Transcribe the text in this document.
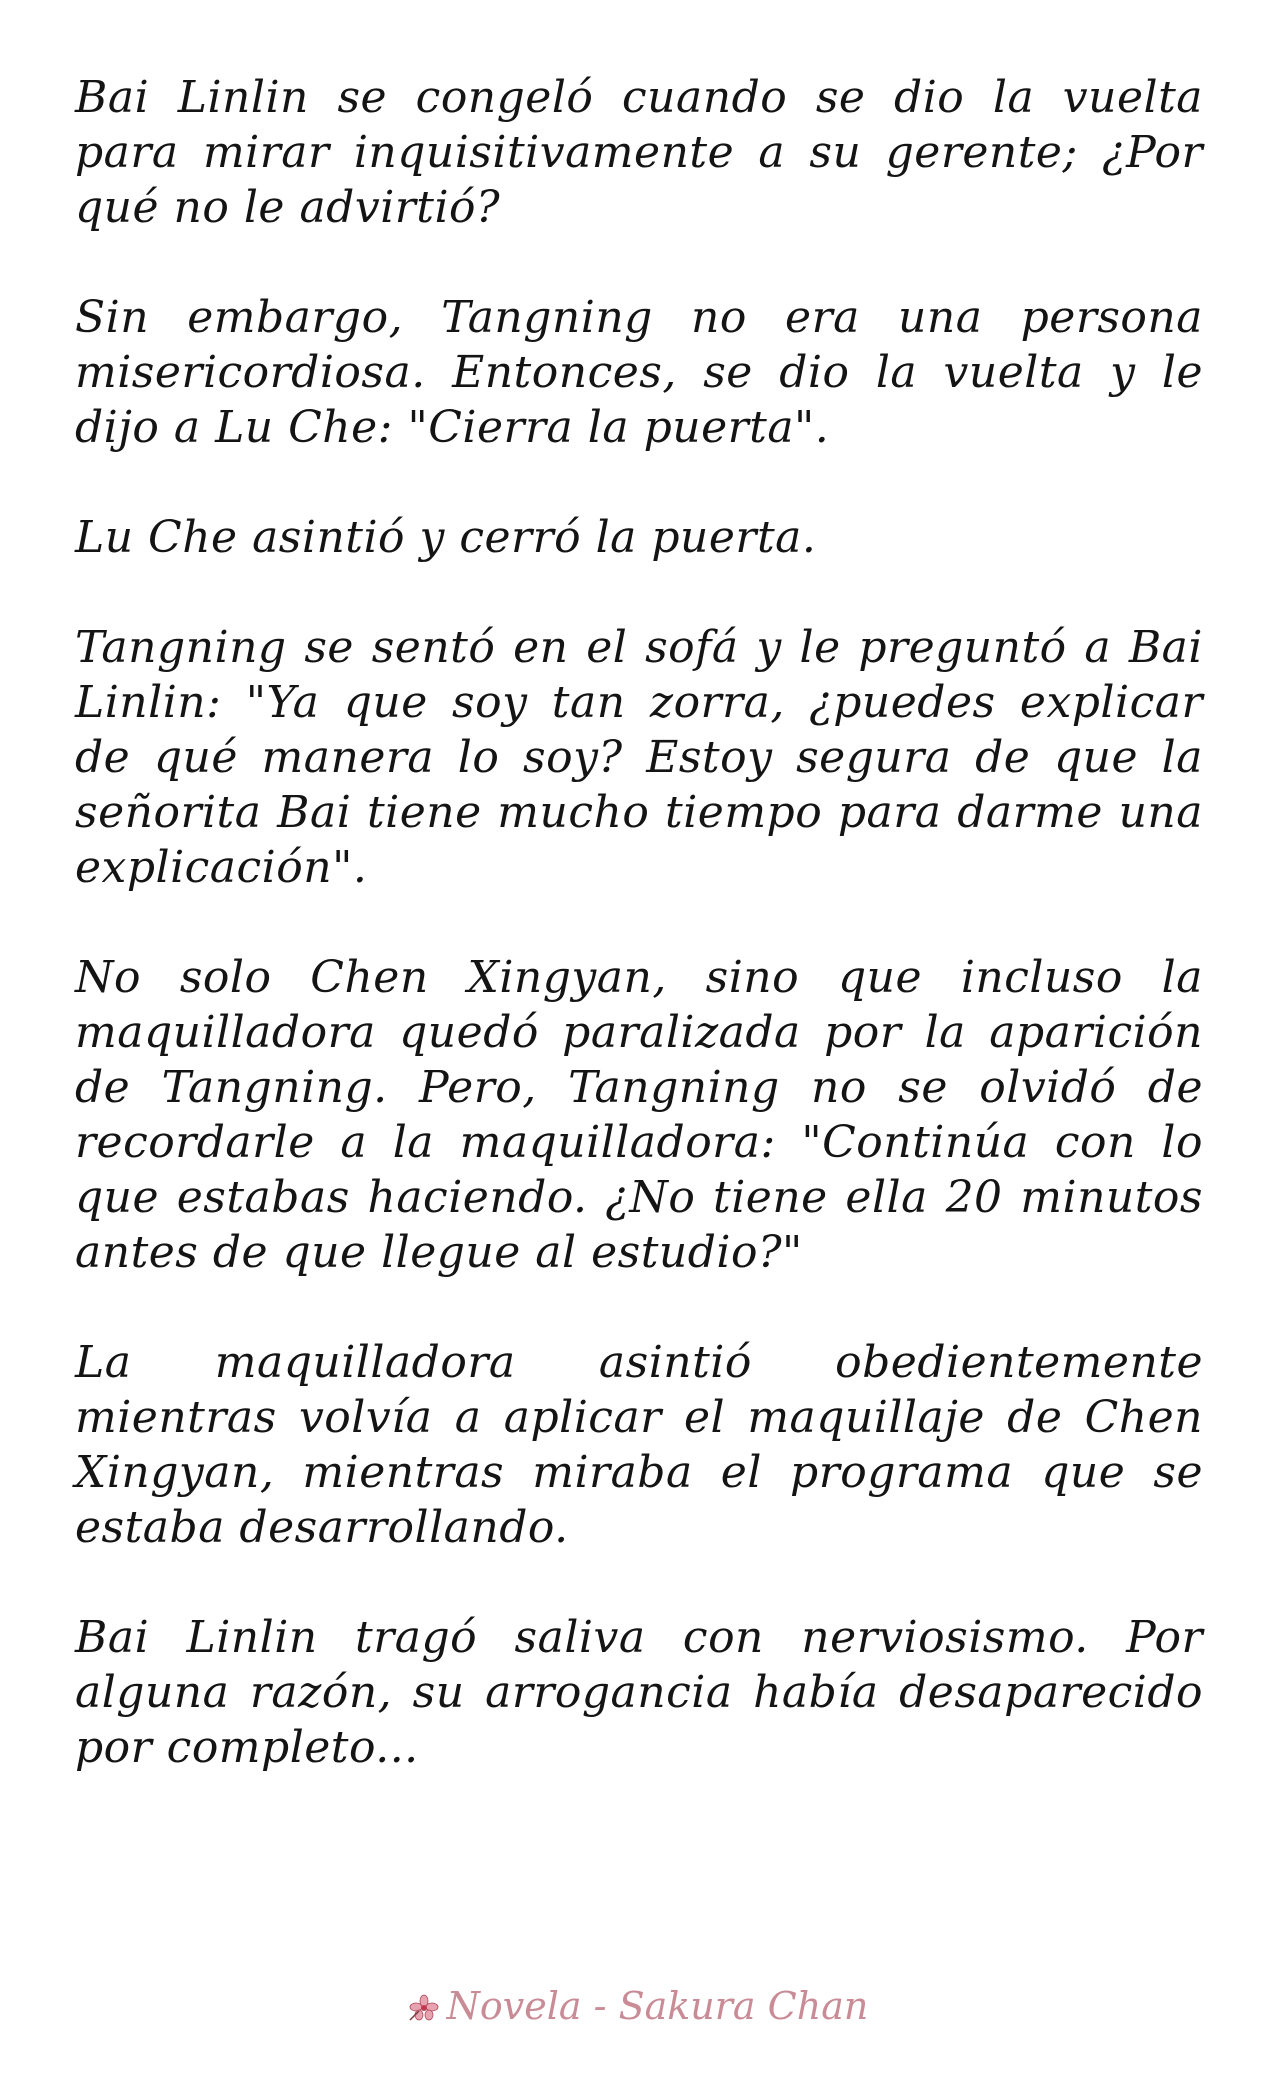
Bai Linlin se congeló cuando se dio la vuelta para mirar inquisitivamente a su gerente; ¿Por qué no le advirtió?

Sin embargo, Tangning no era una persona misericordiosa. Entonces, se dio la vuelta y le dijo a Lu Che: "Cierra la puerta".

Lu Che asintió y cerró la puerta.

Tangning se sentó en el sofá y le preguntó a Bai Linlin: "Ya que soy tan zorra, ¿puedes explicar de qué manera lo soy? Estoy segura de que la señorita Bai tiene mucho tiempo para darme una explicación".

No solo Chen Xingyan, sino que incluso la maquilladora quedó paralizada por la aparición de Tangning. Pero, Tangning no se olvidó de recordarle a la maquilladora: "Continúa con lo que estabas haciendo. ¿No tiene ella 20 minutos antes de que llegue al estudio?"

La maquilladora asintió obedientemente mientras volvía a aplicar el maquillaje de Chen Xingyan, mientras miraba el programa que se estaba desarrollando.

Bai Linlin tragó saliva con nerviosismo. Por alguna razón, su arrogancia había desaparecido por completo...

Novela - Sakura Chan
